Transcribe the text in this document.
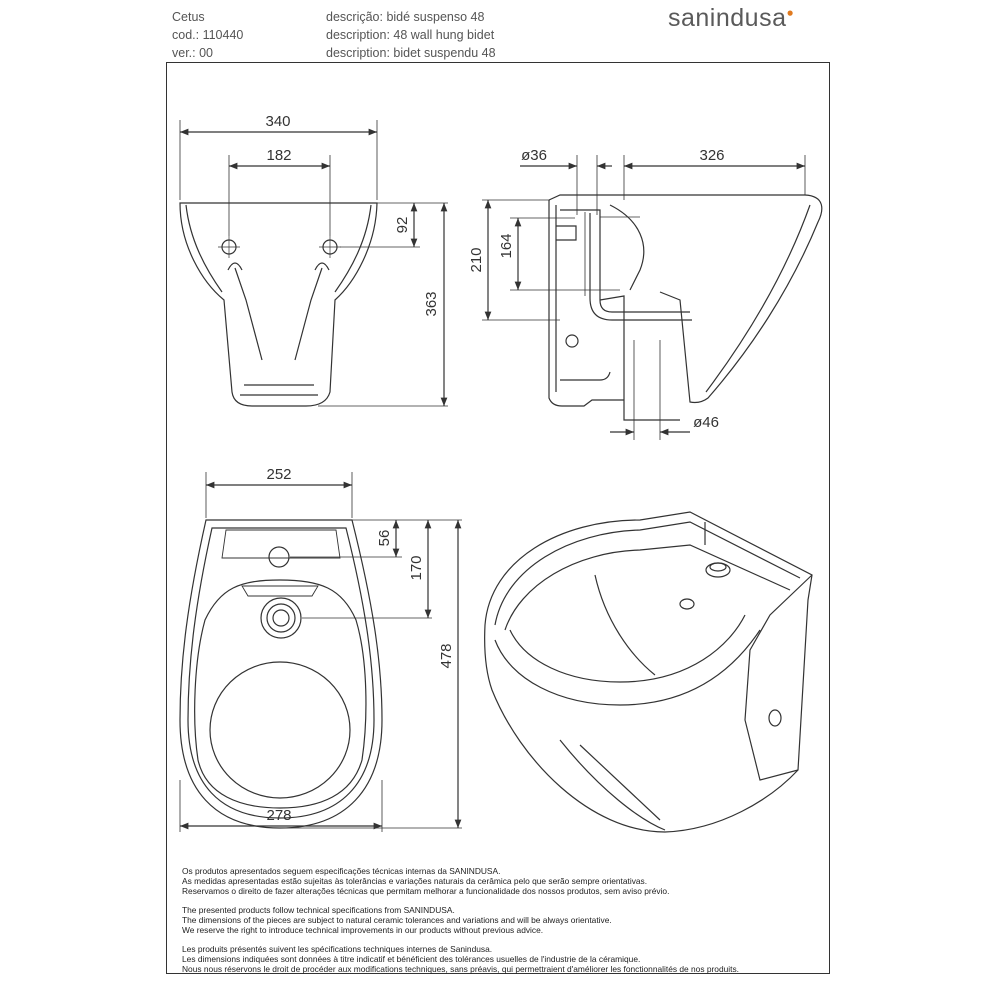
Cetus
cod.: 110440
ver.: 00
descrição: bidé suspenso 48
description: 48 wall hung bidet
description: bidet suspendu 48
sanindusa●
340
182
92
363
ø36	326
210
164
ø46
252
278
56
170
478
Os produtos apresentados seguem especificações técnicas internas da SANINDUSA.
As medidas apresentadas estão sujeitas às tolerâncias e variações naturais da cerâmica pelo que serão sempre orientativas.
Reservamos o direito de fazer alterações técnicas que permitam melhorar a funcionalidade dos nossos produtos, sem aviso prévio.
The presented products follow technical specifications from SANINDUSA.
The dimensions of the pieces are subject to natural ceramic tolerances and variations and will be always orientative.
We reserve the right to introduce technical improvements in our products without previous advice.
Les produits présentés suivent les spécifications techniques internes de Sanindusa.
Les dimensions indiquées sont données à titre indicatif et bénéficient des tolérances usuelles de l'industrie de la céramique.
Nous nous réservons le droit de procéder aux modifications techniques, sans préavis, qui permettraient d'améliorer les fonctionnalités de nos produits.
